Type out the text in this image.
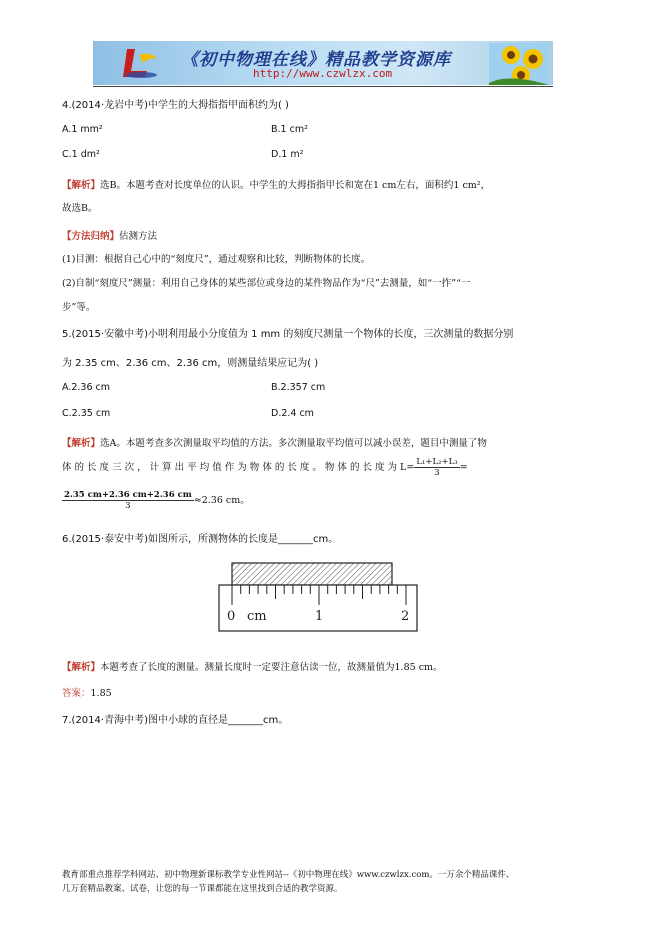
《初中物理在线》精品教学资源库
http://www.czwlzx.com
4.(2014·龙岩中考)中学生的大拇指指甲面积约为( )
A.1 mm²	B.1 cm²
C.1 dm²	D.1 m²
【解析】选B。本题考查对长度单位的认识。中学生的大拇指指甲长和宽在1 cm左右，面积约1 cm²，
故选B。
【方法归纳】估测方法
(1)目测：根据自己心中的“刻度尺”，通过观察和比较，判断物体的长度。
(2)自制“刻度尺”测量：利用自己身体的某些部位或身边的某件物品作为“尺”去测量，如“一拃”“一
步”等。
5.(2015·安徽中考)小明利用最小分度值为 1 mm 的刻度尺测量一个物体的长度，三次测量的数据分别
为 2.35 cm、2.36 cm、2.36 cm，则测量结果应记为( )
A.2.36 cm	B.2.357 cm
C.2.35 cm	D.2.4 cm
【解析】选A。本题考查多次测量取平均值的方法。多次测量取平均值可以减小误差，题目中测量了物
体 的 长 度 三 次 ， 计 算 出 平 均 值 作 为 物 体 的 长 度 。 物 体 的 长 度 为 $L= \frac{\text{L₁+L₂+L₃}}{3}$ =
$\frac{2.35 cm+2.36 cm+2.36 cm}{3} \approx 2.36$ cm。
6.(2015·泰安中考)如图所示，所测物体的长度是_______cm。
0 cm	1	2
【解析】本题考查了长度的测量。测量长度时一定要注意估读一位，故测量值为1.85 cm。
答案：1.85
7.(2014·青海中考)图中小球的直径是_______cm。
教育部重点推荐学科网站、初中物理新课标教学专业性网站--《初中物理在线》www.czwlzx.com。一万余个精品课件、
几万套精品教案、试卷，让您的每一节课都能在这里找到合适的教学资源。
